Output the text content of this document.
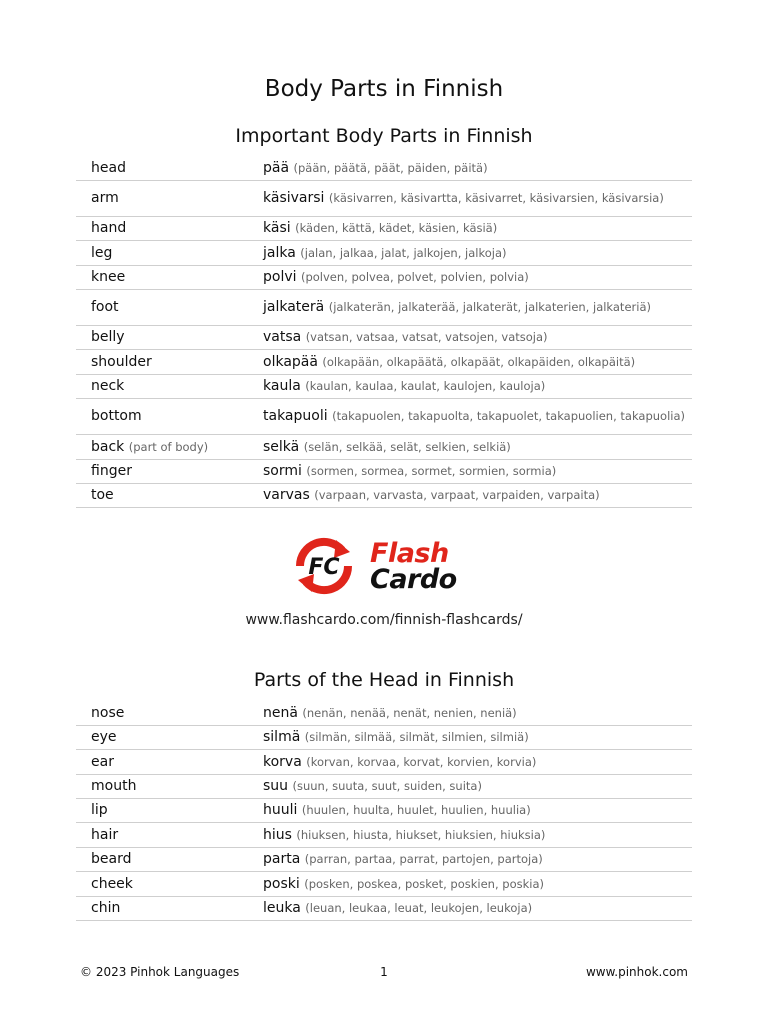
Body Parts in Finnish
Important Body Parts in Finnish
head	pää (pään, päätä, päät, päiden, päitä)
arm	käsivarsi (käsivarren, käsivartta, käsivarret, käsivarsien, käsivarsia)
hand	käsi (käden, kättä, kädet, käsien, käsiä)
leg	jalka (jalan, jalkaa, jalat, jalkojen, jalkoja)
knee	polvi (polven, polvea, polvet, polvien, polvia)
foot	jalkaterä (jalkaterän, jalkaterää, jalkaterät, jalkaterien, jalkateriä)
belly	vatsa (vatsan, vatsaa, vatsat, vatsojen, vatsoja)
shoulder	olkapää (olkapään, olkapäätä, olkapäät, olkapäiden, olkapäitä)
neck	kaula (kaulan, kaulaa, kaulat, kaulojen, kauloja)
bottom	takapuoli (takapuolen, takapuolta, takapuolet, takapuolien, takapuolia)
back (part of body)	selkä (selän, selkää, selät, selkien, selkiä)
finger	sormi (sormen, sormea, sormet, sormien, sormia)
toe	varvas (varpaan, varvasta, varpaat, varpaiden, varpaita)
FC Flash
Cardo
www.flashcardo.com/finnish-flashcards/
Parts of the Head in Finnish
nose	nenä (nenän, nenää, nenät, nenien, neniä)
eye	silmä (silmän, silmää, silmät, silmien, silmiä)
ear	korva (korvan, korvaa, korvat, korvien, korvia)
mouth	suu (suun, suuta, suut, suiden, suita)
lip	huuli (huulen, huulta, huulet, huulien, huulia)
hair	hius (hiuksen, hiusta, hiukset, hiuksien, hiuksia)
beard	parta (parran, partaa, parrat, partojen, partoja)
cheek	poski (posken, poskea, posket, poskien, poskia)
chin	leuka (leuan, leukaa, leuat, leukojen, leukoja)
© 2023 Pinhok Languages	1	www.pinhok.com
